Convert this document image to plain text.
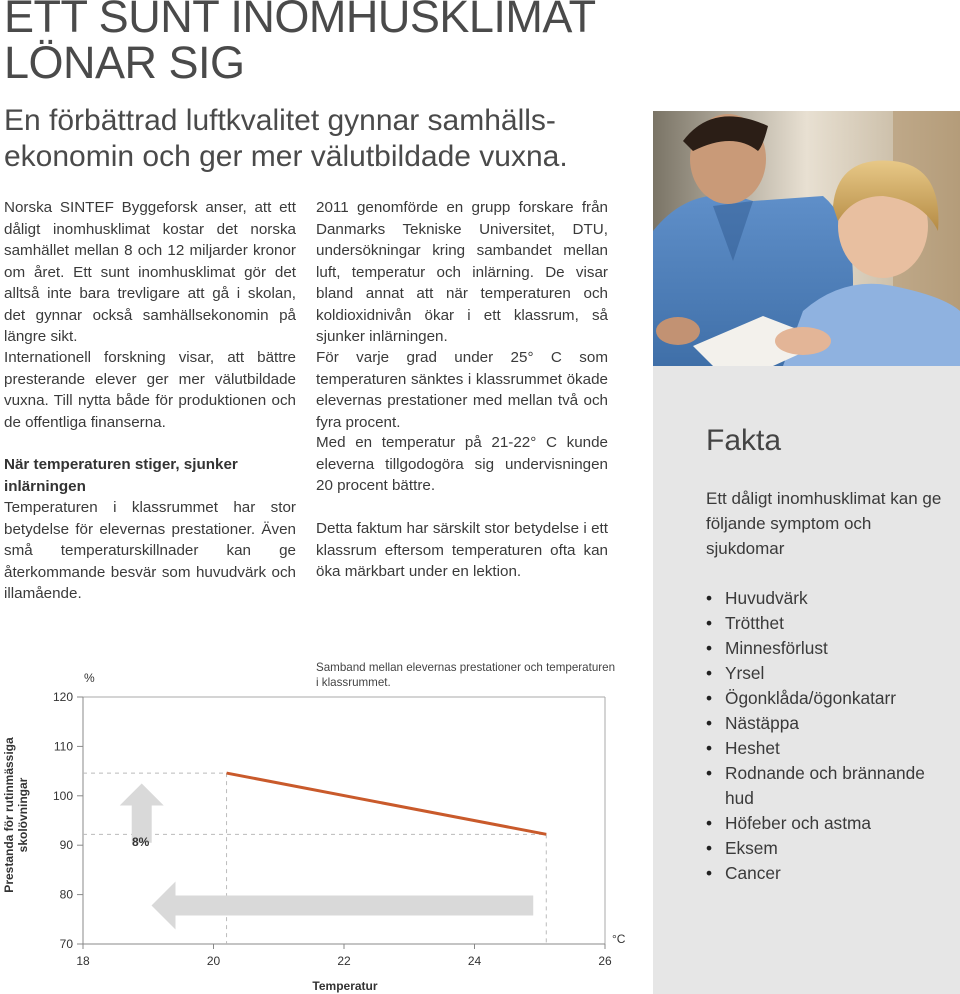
ETT SUNT INOMHUSKLIMAT
LÖNAR SIG
En förbättrad luftkvalitet gynnar samhälls-
ekonomin och ger mer välutbildade vuxna.
Norska SINTEF Byggeforsk anser, att ett dåligt inomhusklimat kostar det norska samhället mellan 8 och 12 miljarder kronor om året. Ett sunt inomhusklimat gör det alltså inte bara trevligare att gå i skolan, det gynnar också samhällsekonomin på längre sikt.
Internationell forskning visar, att bättre presterande elever ger mer välutbildade vuxna. Till nytta både för produktionen och de offentliga finanserna.
När temperaturen stiger, sjunker inlärningen
Temperaturen i klassrummet har stor betydelse för elevernas prestationer. Även små temperaturskillnader kan ge återkommande besvär som huvudvärk och illamående.
2011 genomförde en grupp forskare från Danmarks Tekniske Universitet, DTU, undersökningar kring sambandet mellan luft, temperatur och inlärning. De visar bland annat att när temperaturen och koldioxidnivån ökar i ett klassrum, så sjunker inlärningen.
För varje grad under 25° C som temperaturen sänktes i klassrummet ökade elevernas prestationer med mellan två och fyra procent.
Med en temperatur på 21-22° C kunde eleverna tillgodogöra sig undervisningen 20 procent bättre.
Detta faktum har särskilt stor betydelse i ett klassrum eftersom temperaturen ofta kan öka märkbart under en lektion.
Fakta

Ett dåligt inomhusklimat kan ge följande symptom och sjukdomar

• Huvudvärk
• Trötthet
• Minnesförlust
• Yrsel
• Ögonklåda/ögonkatarr
• Nästäppa
• Heshet
• Rodnande och brännande hud
• Höfeber och astma
• Eksem
• Cancer

Samband mellan elevernas prestationer och temperaturen i klassrummet.

70
80
90
100
110
120
18	20	22	24	26
%
°C
Temperatur
Prestanda för rutinmässiga skolövningar	8%
